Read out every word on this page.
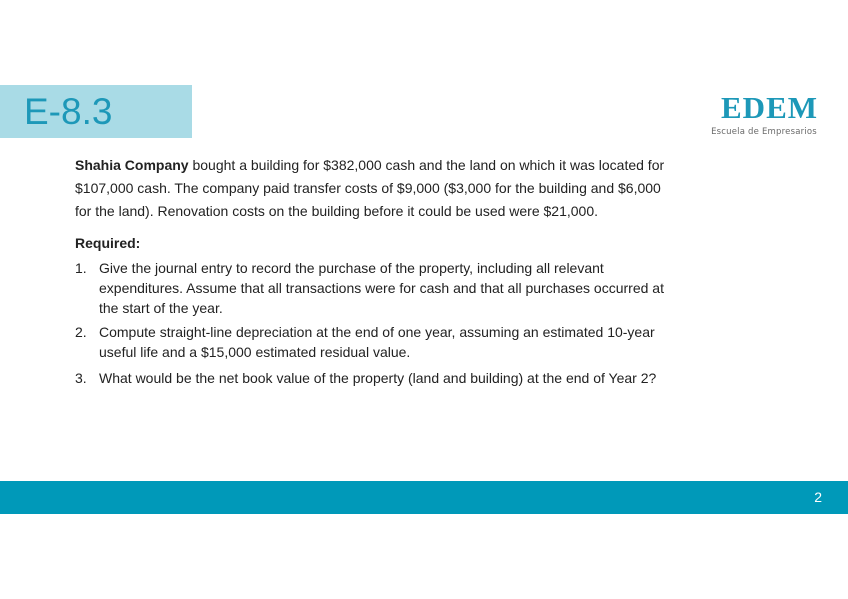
E-8.3	EDEM
Escuela de Empresarios
Shahia Company bought a building for $382,000 cash and the land on which it was located for $107,000 cash. The company paid transfer costs of $9,000 ($3,000 for the building and $6,000 for the land). Renovation costs on the building before it could be used were $21,000.
Required:
1. Give the journal entry to record the purchase of the property, including all relevant expenditures. Assume that all transactions were for cash and that all purchases occurred at the start of the year.
2. Compute straight-line depreciation at the end of one year, assuming an estimated 10-year useful life and a $15,000 estimated residual value.
3. What would be the net book value of the property (land and building) at the end of Year 2?
2
